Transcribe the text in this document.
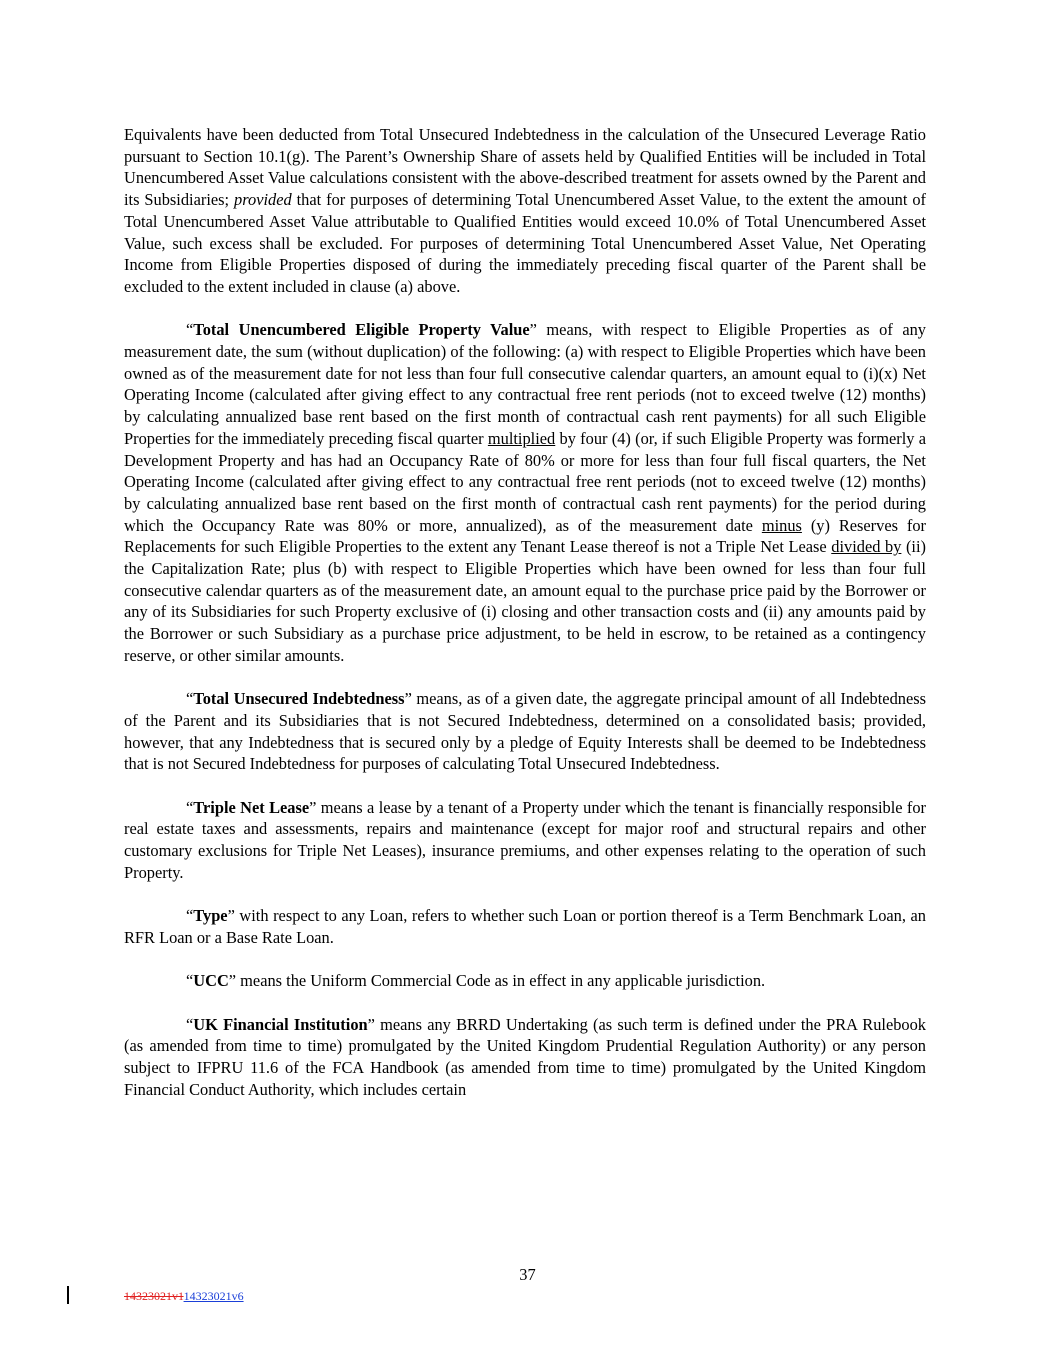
Equivalents have been deducted from Total Unsecured Indebtedness in the calculation of the Unsecured Leverage Ratio pursuant to Section 10.1(g). The Parent’s Ownership Share of assets held by Qualified Entities will be included in Total Unencumbered Asset Value calculations consistent with the above-described treatment for assets owned by the Parent and its Subsidiaries; provided that for purposes of determining Total Unencumbered Asset Value, to the extent the amount of Total Unencumbered Asset Value attributable to Qualified Entities would exceed 10.0% of Total Unencumbered Asset Value, such excess shall be excluded. For purposes of determining Total Unencumbered Asset Value, Net Operating Income from Eligible Properties disposed of during the immediately preceding fiscal quarter of the Parent shall be excluded to the extent included in clause (a) above.

“Total Unencumbered Eligible Property Value” means, with respect to Eligible Properties as of any measurement date, the sum (without duplication) of the following: (a) with respect to Eligible Properties which have been owned as of the measurement date for not less than four full consecutive calendar quarters, an amount equal to (i)(x) Net Operating Income (calculated after giving effect to any contractual free rent periods (not to exceed twelve (12) months) by calculating annualized base rent based on the first month of contractual cash rent payments) for all such Eligible Properties for the immediately preceding fiscal quarter multiplied by four (4) (or, if such Eligible Property was formerly a Development Property and has had an Occupancy Rate of 80% or more for less than four full fiscal quarters, the Net Operating Income (calculated after giving effect to any contractual free rent periods (not to exceed twelve (12) months) by calculating annualized base rent based on the first month of contractual cash rent payments) for the period during which the Occupancy Rate was 80% or more, annualized), as of the measurement date minus (y) Reserves for Replacements for such Eligible Properties to the extent any Tenant Lease thereof is not a Triple Net Lease divided by (ii) the Capitalization Rate; plus (b) with respect to Eligible Properties which have been owned for less than four full consecutive calendar quarters as of the measurement date, an amount equal to the purchase price paid by the Borrower or any of its Subsidiaries for such Property exclusive of (i) closing and other transaction costs and (ii) any amounts paid by the Borrower or such Subsidiary as a purchase price adjustment, to be held in escrow, to be retained as a contingency reserve, or other similar amounts.

“Total Unsecured Indebtedness” means, as of a given date, the aggregate principal amount of all Indebtedness of the Parent and its Subsidiaries that is not Secured Indebtedness, determined on a consolidated basis; provided, however, that any Indebtedness that is secured only by a pledge of Equity Interests shall be deemed to be Indebtedness that is not Secured Indebtedness for purposes of calculating Total Unsecured Indebtedness.

“Triple Net Lease” means a lease by a tenant of a Property under which the tenant is financially responsible for real estate taxes and assessments, repairs and maintenance (except for major roof and structural repairs and other customary exclusions for Triple Net Leases), insurance premiums, and other expenses relating to the operation of such Property.

“Type” with respect to any Loan, refers to whether such Loan or portion thereof is a Term Benchmark Loan, an RFR Loan or a Base Rate Loan.

“UCC” means the Uniform Commercial Code as in effect in any applicable jurisdiction.

“UK Financial Institution” means any BRRD Undertaking (as such term is defined under the PRA Rulebook (as amended from time to time) promulgated by the United Kingdom Prudential Regulation Authority) or any person subject to IFPRU 11.6 of the FCA Handbook (as amended from time to time) promulgated by the United Kingdom Financial Conduct Authority, which includes certain

37
14323021v114323021v6
